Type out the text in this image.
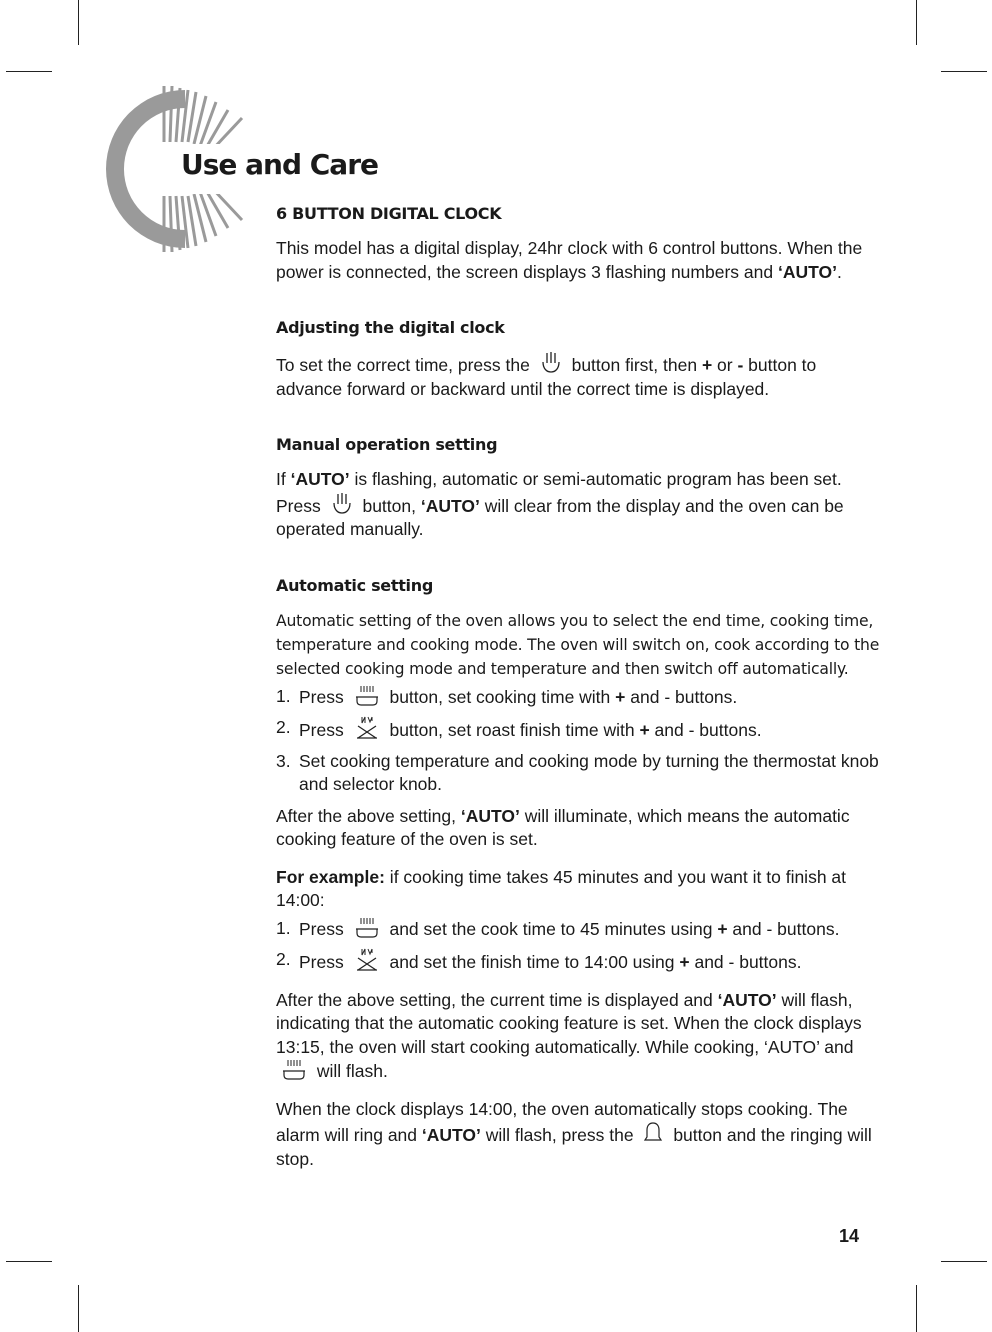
Use and Care
6 BUTTON DIGITAL CLOCK

This model has a digital display, 24hr clock with 6 control buttons. When the power is connected, the screen displays 3 flashing numbers and ‘AUTO’.

Adjusting the digital clock

To set the correct time, press the  button first, then + or - button to advance forward or backward until the correct time is displayed.

Manual operation setting

If ‘AUTO’ is flashing, automatic or semi-automatic program has been set. Press  button, ‘AUTO’ will clear from the display and the oven can be operated manually.

Automatic setting

Automatic setting of the oven allows you to select the end time, cooking time, temperature and cooking mode. The oven will switch on, cook according to the selected cooking mode and temperature and then switch off automatically.

1. Press  button, set cooking time with + and - buttons.
2. Press  button, set roast finish time with + and - buttons.
3. Set cooking temperature and cooking mode by turning the thermostat knob and selector knob.

After the above setting, ‘AUTO’ will illuminate, which means the automatic cooking feature of the oven is set.

For example: if cooking time takes 45 minutes and you want it to finish at 14:00:

1. Press  and set the cook time to 45 minutes using + and - buttons.
2. Press  and set the finish time to 14:00 using + and - buttons.

After the above setting, the current time is displayed and ‘AUTO’ will flash, indicating that the automatic cooking feature is set. When the clock displays 13:15, the oven will start cooking automatically. While cooking, ‘AUTO’ and  will flash.

When the clock displays 14:00, the oven automatically stops cooking. The alarm will ring and ‘AUTO’ will flash, press the  button and the ringing will stop.

14
